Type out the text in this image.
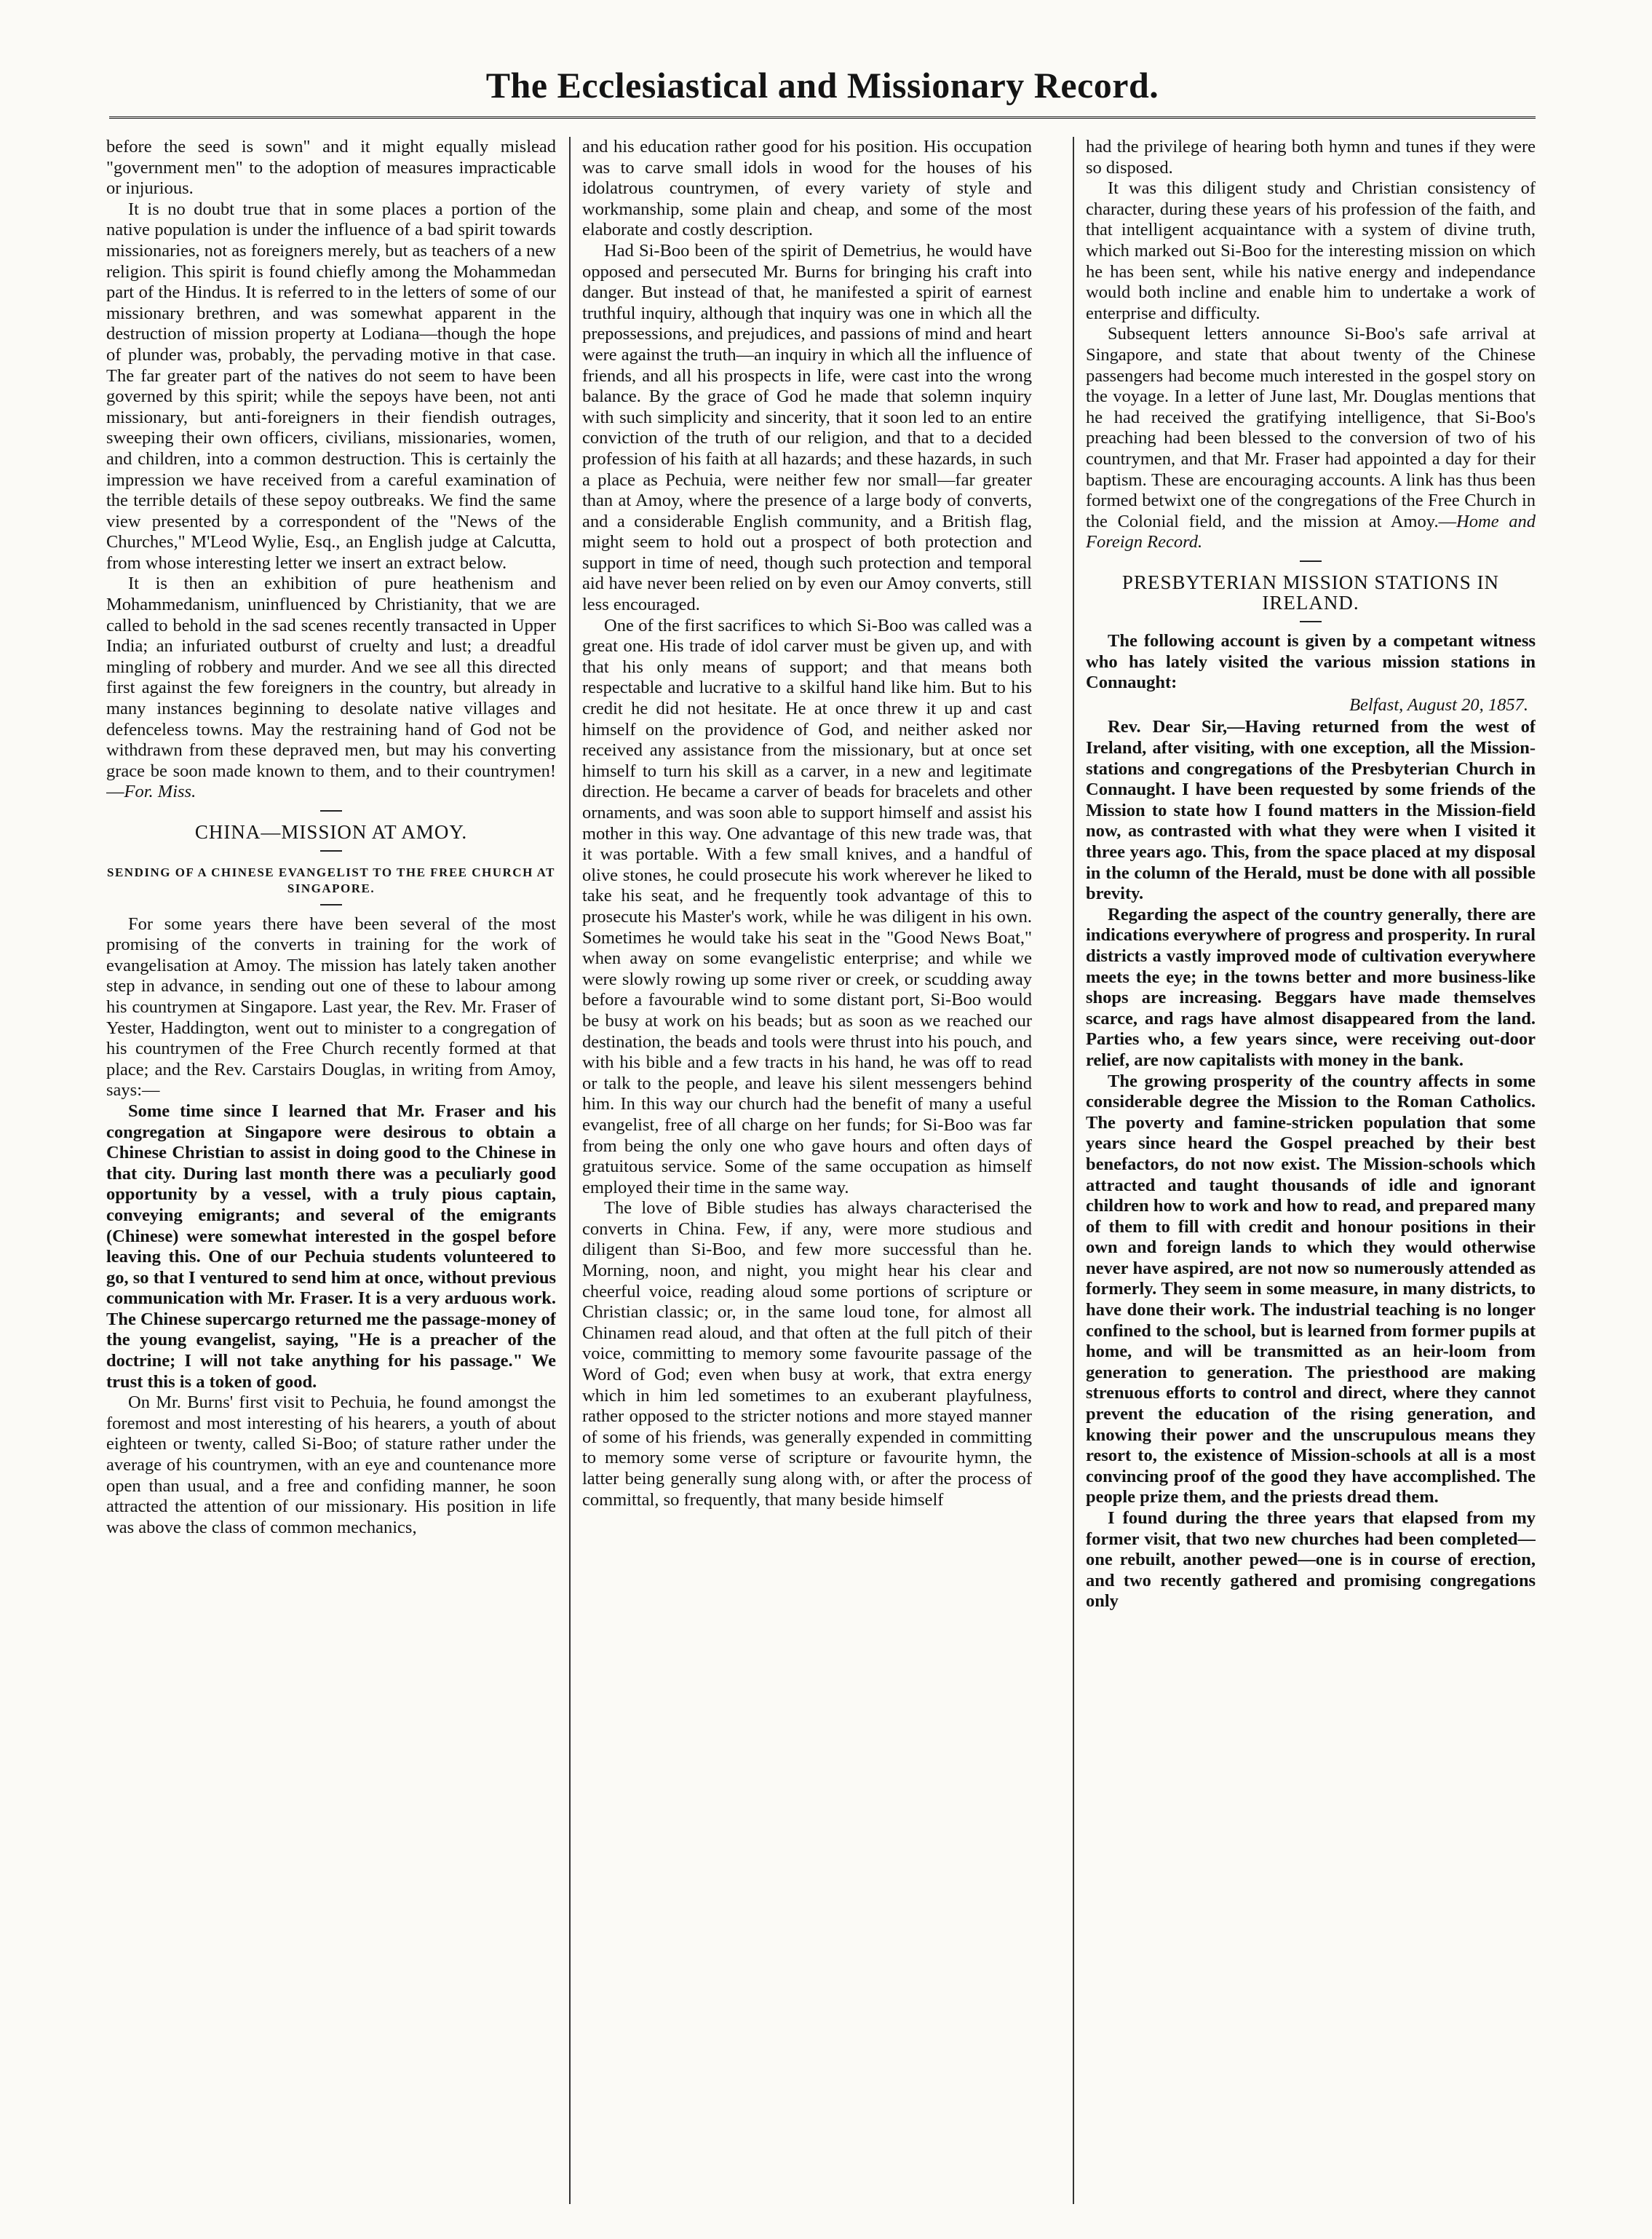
The Ecclesiastical and Missionary Record.

before the seed is sown" and it might equally mislead "government men" to the adoption of measures impracticable or injurious.

It is no doubt true that in some places a portion of the native population is under the influence of a bad spirit towards missionaries, not as foreigners merely, but as teachers of a new religion. This spirit is found chiefly among the Mohammedan part of the Hindus. It is referred to in the letters of some of our missionary brethren, and was somewhat apparent in the destruction of mission property at Lodiana—though the hope of plunder was, probably, the pervading motive in that case. The far greater part of the natives do not seem to have been governed by this spirit; while the sepoys have been, not anti missionary, but anti-foreigners in their fiendish outrages, sweeping their own officers, civilians, missionaries, women, and children, into a common destruction. This is certainly the impression we have received from a careful examination of the terrible details of these sepoy outbreaks. We find the same view presented by a correspondent of the "News of the Churches," M'Leod Wylie, Esq., an English judge at Calcutta, from whose interesting letter we insert an extract below.

It is then an exhibition of pure heathenism and Mohammedanism, uninfluenced by Christianity, that we are called to behold in the sad scenes recently transacted in Upper India; an infuriated outburst of cruelty and lust; a dreadful mingling of robbery and murder. And we see all this directed first against the few foreigners in the country, but already in many instances beginning to desolate native villages and defenceless towns. May the restraining hand of God not be withdrawn from these depraved men, but may his converting grace be soon made known to them, and to their countrymen!—For. Miss.

CHINA—MISSION AT AMOY.
SENDING OF A CHINESE EVANGELIST TO THE FREE CHURCH AT SINGAPORE.

For some years there have been several of the most promising of the converts in training for the work of evangelisation at Amoy. The mission has lately taken another step in advance, in sending out one of these to labour among his countrymen at Singapore. Last year, the Rev. Mr. Fraser of Yester, Haddington, went out to minister to a congregation of his countrymen of the Free Church recently formed at that place; and the Rev. Carstairs Douglas, in writing from Amoy, says:—

Some time since I learned that Mr. Fraser and his congregation at Singapore were desirous to obtain a Chinese Christian to assist in doing good to the Chinese in that city. During last month there was a peculiarly good opportunity by a vessel, with a truly pious captain, conveying emigrants; and several of the emigrants (Chinese) were somewhat interested in the gospel before leaving this. One of our Pechuia students volunteered to go, so that I ventured to send him at once, without previous communication with Mr. Fraser. It is a very arduous work. The Chinese supercargo returned me the passage-money of the young evangelist, saying, "He is a preacher of the doctrine; I will not take anything for his passage." We trust this is a token of good.

On Mr. Burns' first visit to Pechuia, he found amongst the foremost and most interesting of his hearers, a youth of about eighteen or twenty, called Si-Boo; of stature rather under the average of his countrymen, with an eye and countenance more open than usual, and a free and confiding manner, he soon attracted the attention of our missionary. His position in life was above the class of common mechanics,

and his education rather good for his position. His occupation was to carve small idols in wood for the houses of his idolatrous countrymen, of every variety of style and workmanship, some plain and cheap, and some of the most elaborate and costly description.

Had Si-Boo been of the spirit of Demetrius, he would have opposed and persecuted Mr. Burns for bringing his craft into danger. But instead of that, he manifested a spirit of earnest truthful inquiry, although that inquiry was one in which all the prepossessions, and prejudices, and passions of mind and heart were against the truth—an inquiry in which all the influence of friends, and all his prospects in life, were cast into the wrong balance. By the grace of God he made that solemn inquiry with such simplicity and sincerity, that it soon led to an entire conviction of the truth of our religion, and that to a decided profession of his faith at all hazards; and these hazards, in such a place as Pechuia, were neither few nor small—far greater than at Amoy, where the presence of a large body of converts, and a considerable English community, and a British flag, might seem to hold out a prospect of both protection and support in time of need, though such protection and temporal aid have never been relied on by even our Amoy converts, still less encouraged.

One of the first sacrifices to which Si-Boo was called was a great one. His trade of idol carver must be given up, and with that his only means of support; and that means both respectable and lucrative to a skilful hand like him. But to his credit he did not hesitate. He at once threw it up and cast himself on the providence of God, and neither asked nor received any assistance from the missionary, but at once set himself to turn his skill as a carver, in a new and legitimate direction. He became a carver of beads for bracelets and other ornaments, and was soon able to support himself and assist his mother in this way. One advantage of this new trade was, that it was portable. With a few small knives, and a handful of olive stones, he could prosecute his work wherever he liked to take his seat, and he frequently took advantage of this to prosecute his Master's work, while he was diligent in his own. Sometimes he would take his seat in the "Good News Boat," when away on some evangelistic enterprise; and while we were slowly rowing up some river or creek, or scudding away before a favourable wind to some distant port, Si-Boo would be busy at work on his beads; but as soon as we reached our destination, the beads and tools were thrust into his pouch, and with his bible and a few tracts in his hand, he was off to read or talk to the people, and leave his silent messengers behind him. In this way our church had the benefit of many a useful evangelist, free of all charge on her funds; for Si-Boo was far from being the only one who gave hours and often days of gratuitous service. Some of the same occupation as himself employed their time in the same way.

The love of Bible studies has always characterised the converts in China. Few, if any, were more studious and diligent than Si-Boo, and few more successful than he. Morning, noon, and night, you might hear his clear and cheerful voice, reading aloud some portions of scripture or Christian classic; or, in the same loud tone, for almost all Chinamen read aloud, and that often at the full pitch of their voice, committing to memory some favourite passage of the Word of God; even when busy at work, that extra energy which in him led sometimes to an exuberant playfulness, rather opposed to the stricter notions and more stayed manner of some of his friends, was generally expended in committing to memory some verse of scripture or favourite hymn, the latter being generally sung along with, or after the process of committal, so frequently, that many beside himself

had the privilege of hearing both hymn and tunes if they were so disposed.

It was this diligent study and Christian consistency of character, during these years of his profession of the faith, and that intelligent acquaintance with a system of divine truth, which marked out Si-Boo for the interesting mission on which he has been sent, while his native energy and independance would both incline and enable him to undertake a work of enterprise and difficulty.

Subsequent letters announce Si-Boo's safe arrival at Singapore, and state that about twenty of the Chinese passengers had become much interested in the gospel story on the voyage. In a letter of June last, Mr. Douglas mentions that he had received the gratifying intelligence, that Si-Boo's preaching had been blessed to the conversion of two of his countrymen, and that Mr. Fraser had appointed a day for their baptism. These are encouraging accounts. A link has thus been formed betwixt one of the congregations of the Free Church in the Colonial field, and the mission at Amoy.—Home and Foreign Record.

PRESBYTERIAN MISSION STATIONS IN IRELAND.

The following account is given by a competant witness who has lately visited the various mission stations in Connaught:

Belfast, August 20, 1857.

Rev. Dear Sir,—Having returned from the west of Ireland, after visiting, with one exception, all the Mission-stations and congregations of the Presbyterian Church in Connaught. I have been requested by some friends of the Mission to state how I found matters in the Mission-field now, as contrasted with what they were when I visited it three years ago. This, from the space placed at my disposal in the column of the Herald, must be done with all possible brevity.

Regarding the aspect of the country generally, there are indications everywhere of progress and prosperity. In rural districts a vastly improved mode of cultivation everywhere meets the eye; in the towns better and more business-like shops are increasing. Beggars have made themselves scarce, and rags have almost disappeared from the land. Parties who, a few years since, were receiving out-door relief, are now capitalists with money in the bank.

The growing prosperity of the country affects in some considerable degree the Mission to the Roman Catholics. The poverty and famine-stricken population that some years since heard the Gospel preached by their best benefactors, do not now exist. The Mission-schools which attracted and taught thousands of idle and ignorant children how to work and how to read, and prepared many of them to fill with credit and honour positions in their own and foreign lands to which they would otherwise never have aspired, are not now so numerously attended as formerly. They seem in some measure, in many districts, to have done their work. The industrial teaching is no longer confined to the school, but is learned from former pupils at home, and will be transmitted as an heir-loom from generation to generation. The priesthood are making strenuous efforts to control and direct, where they cannot prevent the education of the rising generation, and knowing their power and the unscrupulous means they resort to, the existence of Mission-schools at all is a most convincing proof of the good they have accomplished. The people prize them, and the priests dread them.

I found during the three years that elapsed from my former visit, that two new churches had been completed—one rebuilt, another pewed—one is in course of erection, and two recently gathered and promising congregations only
